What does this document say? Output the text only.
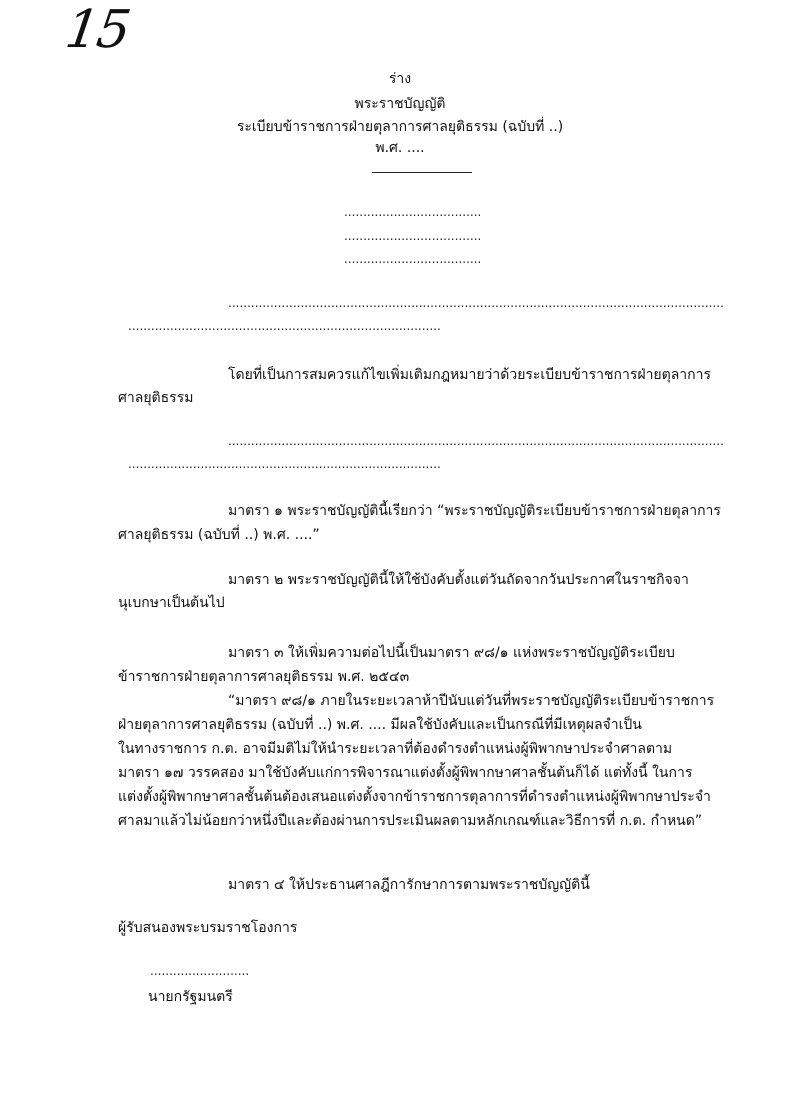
15
ร่าง
พระราชบัญญัติ
ระเบียบข้าราชการฝ่ายตุลาการศาลยุติธรรม (ฉบับที่ ..)
พ.ศ. ....
....................................
....................................
....................................
..................................................................................................................................
..................................................................................
โดยที่เป็นการสมควรแก้ไขเพิ่มเติมกฎหมายว่าด้วยระเบียบข้าราชการฝ่ายตุลาการ
ศาลยุติธรรม
..................................................................................................................................
..................................................................................
มาตรา ๑ พระราชบัญญัตินี้เรียกว่า “พระราชบัญญัติระเบียบข้าราชการฝ่ายตุลาการ
ศาลยุติธรรม (ฉบับที่ ..) พ.ศ. ....”
มาตรา ๒ พระราชบัญญัตินี้ให้ใช้บังคับตั้งแต่วันถัดจากวันประกาศในราชกิจจา
นุเบกษาเป็นต้นไป
มาตรา ๓ ให้เพิ่มความต่อไปนี้เป็นมาตรา ๙๘/๑ แห่งพระราชบัญญัติระเบียบ
ข้าราชการฝ่ายตุลาการศาลยุติธรรม พ.ศ. ๒๕๔๓
“มาตรา ๙๘/๑ ภายในระยะเวลาห้าปีนับแต่วันที่พระราชบัญญัติระเบียบข้าราชการ
ฝ่ายตุลาการศาลยุติธรรม (ฉบับที่ ..) พ.ศ. .... มีผลใช้บังคับและเป็นกรณีที่มีเหตุผลจำเป็น
ในทางราชการ ก.ต. อาจมีมติไม่ให้นำระยะเวลาที่ต้องดำรงตำแหน่งผู้พิพากษาประจำศาลตาม
มาตรา ๑๗ วรรคสอง มาใช้บังคับแก่การพิจารณาแต่งตั้งผู้พิพากษาศาลชั้นต้นก็ได้ แต่ทั้งนี้ ในการ
แต่งตั้งผู้พิพากษาศาลชั้นต้นต้องเสนอแต่งตั้งจากข้าราชการตุลาการที่ดำรงตำแหน่งผู้พิพากษาประจำ
ศาลมาแล้วไม่น้อยกว่าหนึ่งปีและต้องผ่านการประเมินผลตามหลักเกณฑ์และวิธีการที่ ก.ต. กำหนด”
มาตรา ๔ ให้ประธานศาลฎีการักษาการตามพระราชบัญญัตินี้
ผู้รับสนองพระบรมราชโองการ
..........................
นายกรัฐมนตรี
